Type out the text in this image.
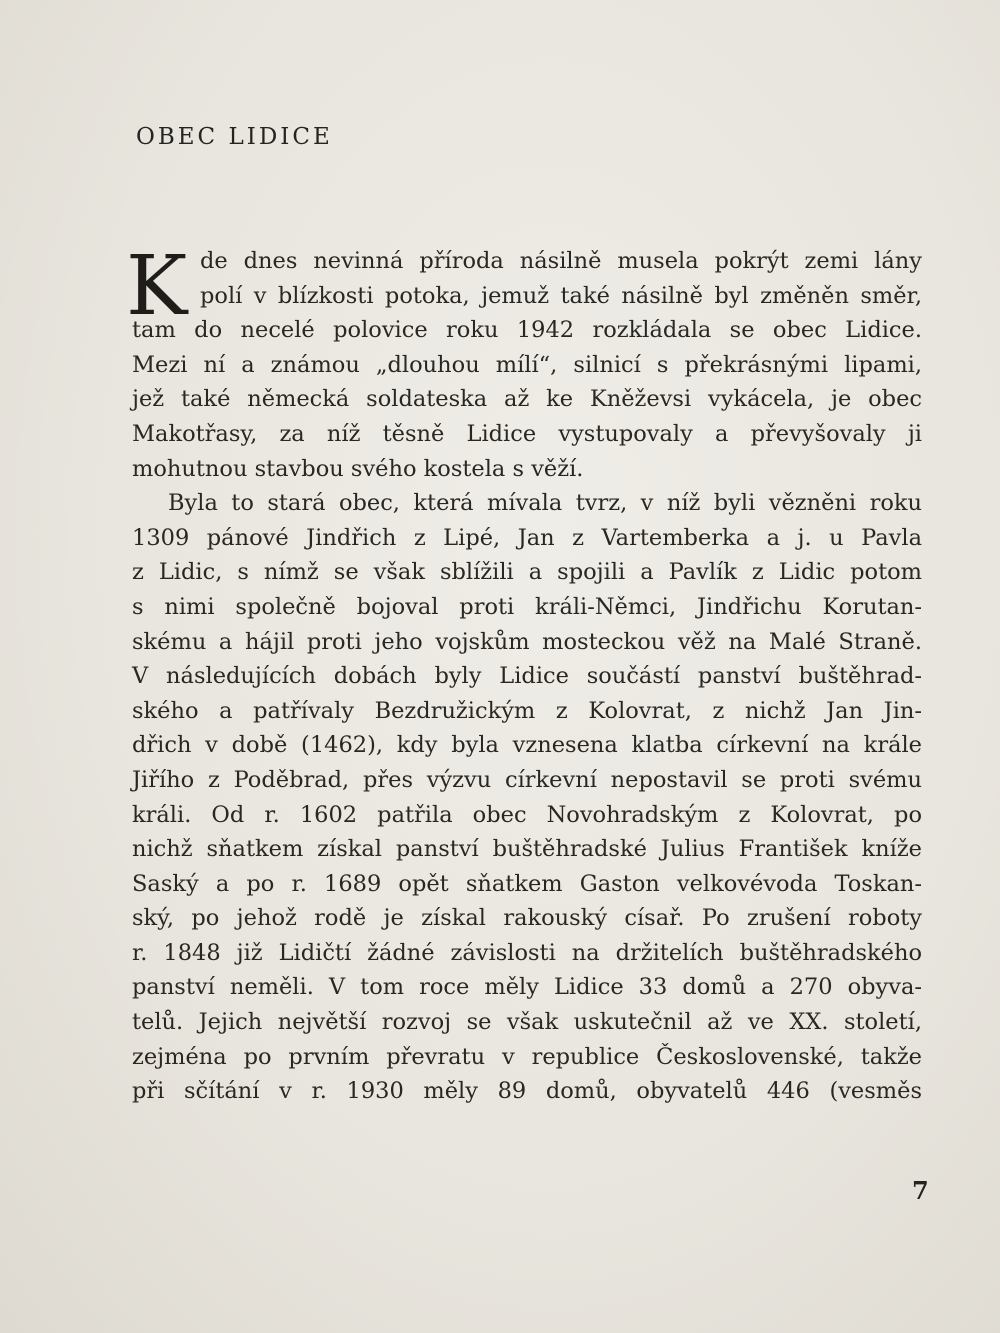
OBEC LIDICE
K de dnes nevinná příroda násilně musela pokrýt zemi lány
polí v blízkosti potoka, jemuž také násilně byl změněn směr,
tam do necelé polovice roku 1942 rozkládala se obec Lidice.
Mezi ní a známou „dlouhou mílí“, silnicí s překrásnými lipami,
jež také německá soldateska až ke Kněževsi vykácela, je obec
Makotřasy, za níž těsně Lidice vystupovaly a převyšovaly ji
mohutnou stavbou svého kostela s věží.
Byla to stará obec, která mívala tvrz, v níž byli vězněni roku
1309 pánové Jindřich z Lipé, Jan z Vartemberka a j. u Pavla
z Lidic, s nímž se však sblížili a spojili a Pavlík z Lidic potom
s nimi společně bojoval proti králi-Němci, Jindřichu Korutan-
skému a hájil proti jeho vojskům mosteckou věž na Malé Straně.
V následujících dobách byly Lidice součástí panství buštěhrad-
ského a patřívaly Bezdružickým z Kolovrat, z nichž Jan Jin-
dřich v době (1462), kdy byla vznesena klatba církevní na krále
Jiřího z Poděbrad, přes výzvu církevní nepostavil se proti svému
králi. Od r. 1602 patřila obec Novohradským z Kolovrat, po
nichž sňatkem získal panství buštěhradské Julius František kníže
Saský a po r. 1689 opět sňatkem Gaston velkovévoda Toskan-
ský, po jehož rodě je získal rakouský císař. Po zrušení roboty
r. 1848 již Lidičtí žádné závislosti na držitelích buštěhradského
panství neměli. V tom roce měly Lidice 33 domů a 270 obyva-
telů. Jejich největší rozvoj se však uskutečnil až ve XX. století,
zejména po prvním převratu v republice Československé, takže
při sčítání v r. 1930 měly 89 domů, obyvatelů 446 (vesměs
7
